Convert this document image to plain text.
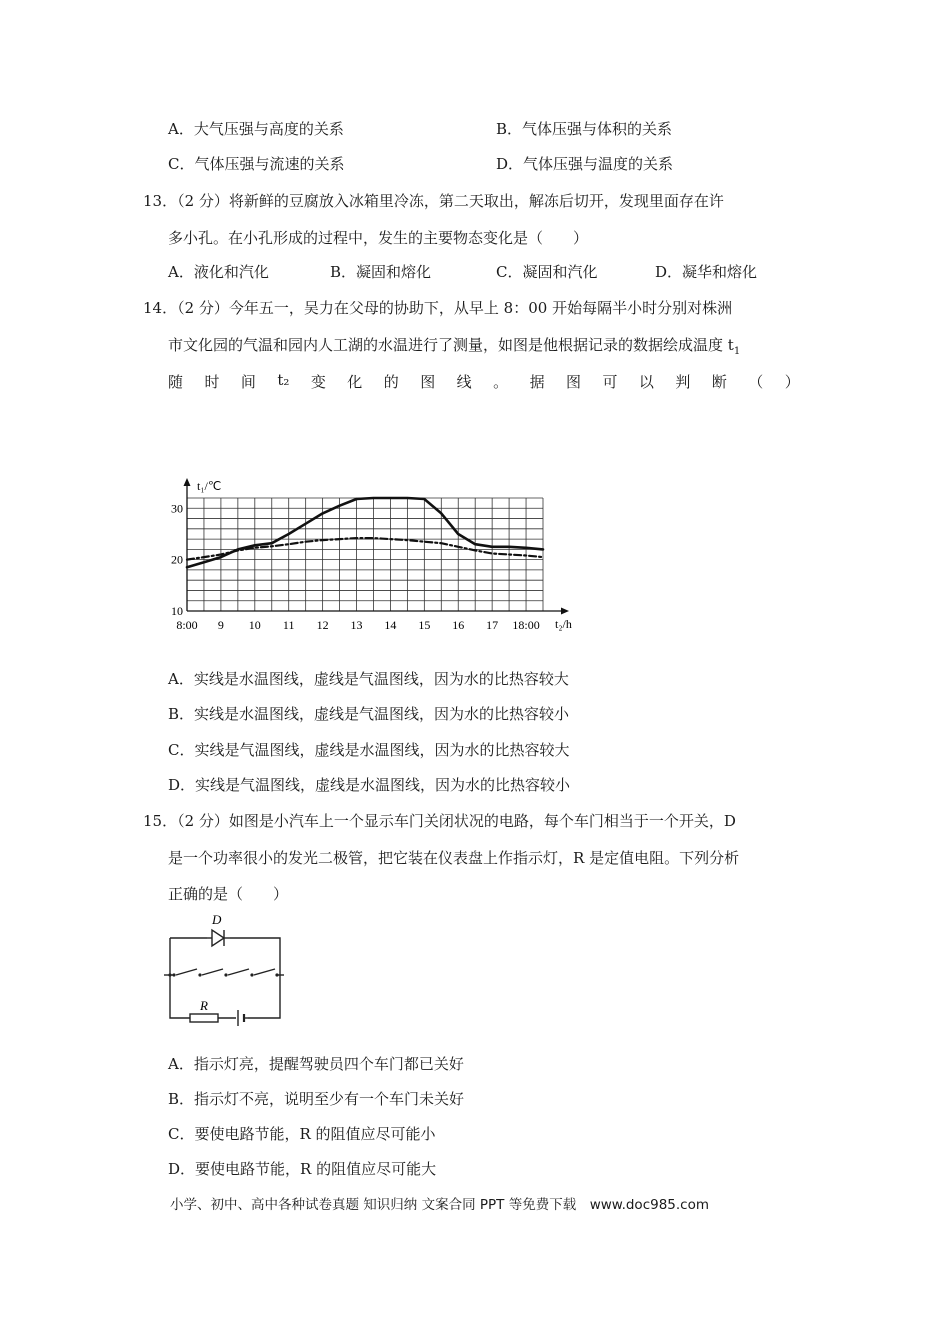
A．大气压强与高度的关系	B．气体压强与体积的关系
C．气体压强与流速的关系	D．气体压强与温度的关系
13．（2 分）将新鲜的豆腐放入冰箱里冷冻，第二天取出，解冻后切开，发现里面存在许
多小孔。在小孔形成的过程中，发生的主要物态变化是（　　）
A．液化和汽化	B．凝固和熔化	C．凝固和汽化	D．凝华和熔化
14．（2 分）今年五一，吴力在父母的协助下，从早上 8：00 开始每隔半小时分别对株洲
市文化园的气温和园内人工湖的水温进行了测量，如图是他根据记录的数据绘成温度 $t_1$
随 时 间 t₂ 变 化 的 图 线 。 据 图 可 以 判 断 （ ）
8:00 9 10 11 12 13 14 15 16 17 18:00
10
20
30
t₁/℃
t₂/h
A．实线是水温图线，虚线是气温图线，因为水的比热容较大
B．实线是水温图线，虚线是气温图线，因为水的比热容较小
C．实线是气温图线，虚线是水温图线，因为水的比热容较大
D．实线是气温图线，虚线是水温图线，因为水的比热容较小
15．（2 分）如图是小汽车上一个显示车门关闭状况的电路，每个车门相当于一个开关，D
是一个功率很小的发光二极管，把它装在仪表盘上作指示灯，R 是定值电阻。下列分析
正确的是（　　）
D
R
A．指示灯亮，提醒驾驶员四个车门都已关好
B．指示灯不亮，说明至少有一个车门未关好
C．要使电路节能，R 的阻值应尽可能小
D．要使电路节能，R 的阻值应尽可能大
小学、初中、高中各种试卷真题 知识归纳 文案合同 PPT 等免费下载　www.doc985.com
